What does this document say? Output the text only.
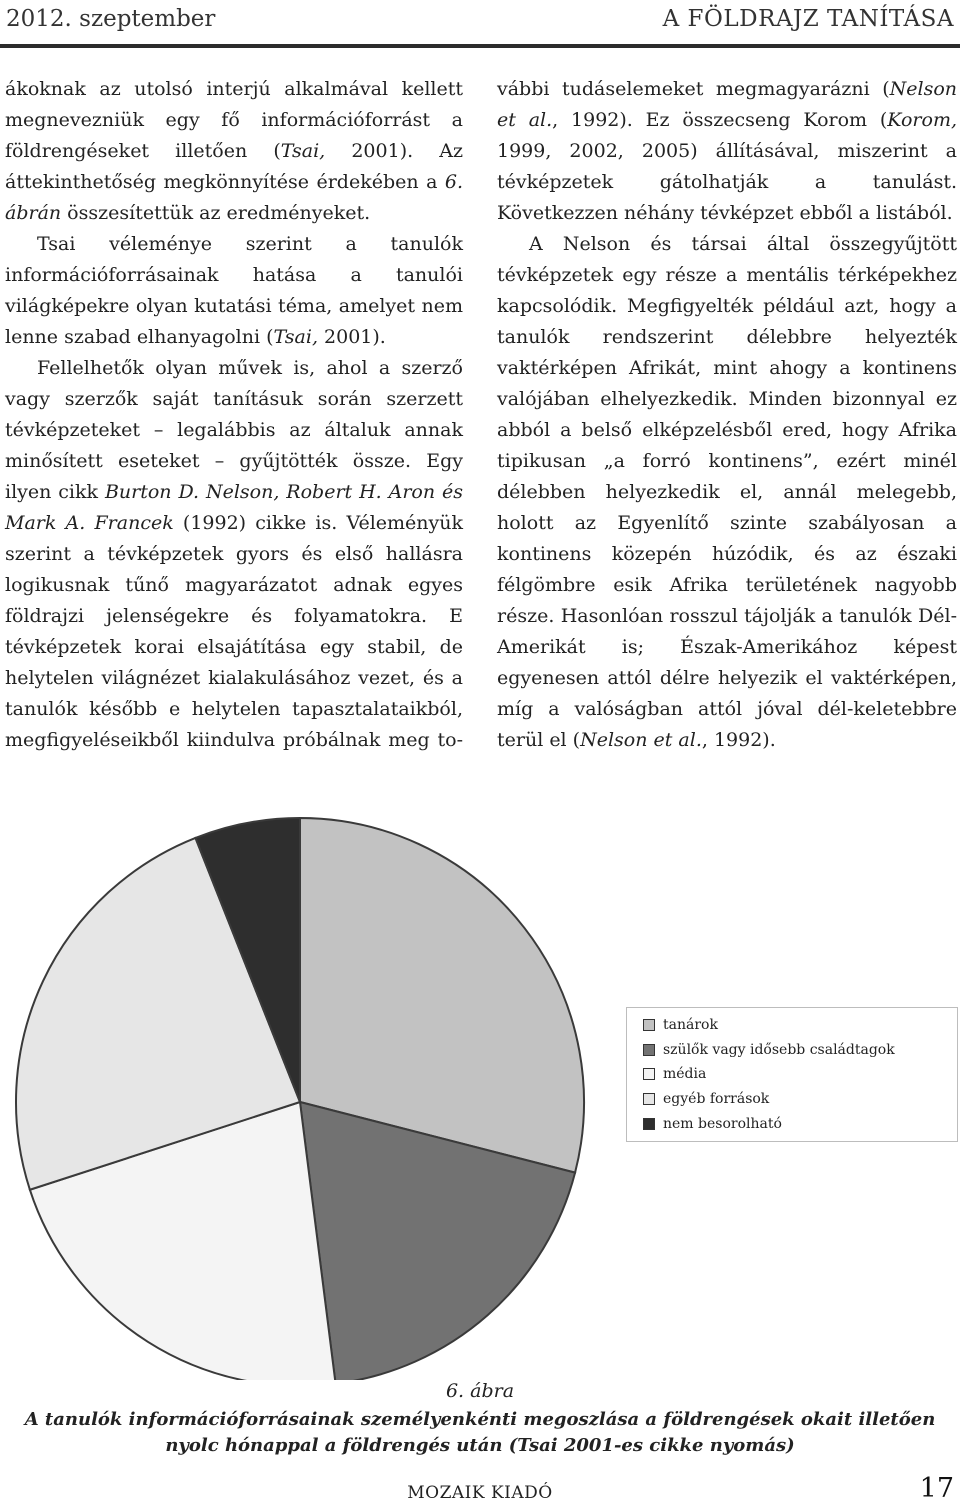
2012. szeptember	A FÖLDRAJZ TANÍTÁSA

ákoknak az utolsó interjú alkalmával kellett megnevezniük egy fő információforrást a földrengéseket illetően (Tsai, 2001). Az áttekinthetőség megkönnyítése érdekében a 6. ábrán összesítettük az eredményeket.

Tsai véleménye szerint a tanulók információforrásainak hatása a tanulói világképekre olyan kutatási téma, amelyet nem lenne szabad elhanyagolni (Tsai, 2001).

Fellelhetők olyan művek is, ahol a szerző vagy szerzők saját tanításuk során szerzett tévképzeteket – legalábbis az általuk annak minősített eseteket – gyűjtötték össze. Egy ilyen cikk Burton D. Nelson, Robert H. Aron és Mark A. Francek (1992) cikke is. Véleményük szerint a tévképzetek gyors és első hallásra logikusnak tűnő magyarázatot adnak egyes földrajzi jelenségekre és folyamatokra. E tévképzetek korai elsajátítása egy stabil, de helytelen világnézet kialakulásához vezet, és a tanulók később e helytelen tapasztalataikból, megfigyeléseikből kiindulva próbálnak meg to-

vábbi tudáselemeket megmagyarázni (Nelson et al., 1992). Ez összecseng Korom (Korom, 1999, 2002, 2005) állításával, miszerint a tévképzetek gátolhatják a tanulást. Következzen néhány tévképzet ebből a listából.

A Nelson és társai által összegyűjtött tévképzetek egy része a mentális térképekhez kapcsolódik. Megfigyelték például azt, hogy a tanulók rendszerint délebbre helyezték vaktérképen Afrikát, mint ahogy a kontinens valójában elhelyezkedik. Minden bizonnyal ez abból a belső elképzelésből ered, hogy Afrika tipikusan „a forró kontinens”, ezért minél délebben helyezkedik el, annál melegebb, holott az Egyenlítő szinte szabályosan a kontinens közepén húzódik, és az északi félgömbre esik Afrika területének nagyobb része. Hasonlóan rosszul tájolják a tanulók Dél-Amerikát is; Észak-Amerikához képest egyenesen attól délre helyezik el vaktérképen, míg a valóságban attól jóval dél-keletebbre terül el (Nelson et al., 1992).

tanárok
szülők vagy idősebb családtagok
média
egyéb források
nem besorolható
6. ábra
A tanulók információforrásainak személyenkénti megoszlása a földrengések okait illetően nyolc hónappal a földrengés után (Tsai 2001-es cikke nyomás)
MOZAIK KIADÓ	17
